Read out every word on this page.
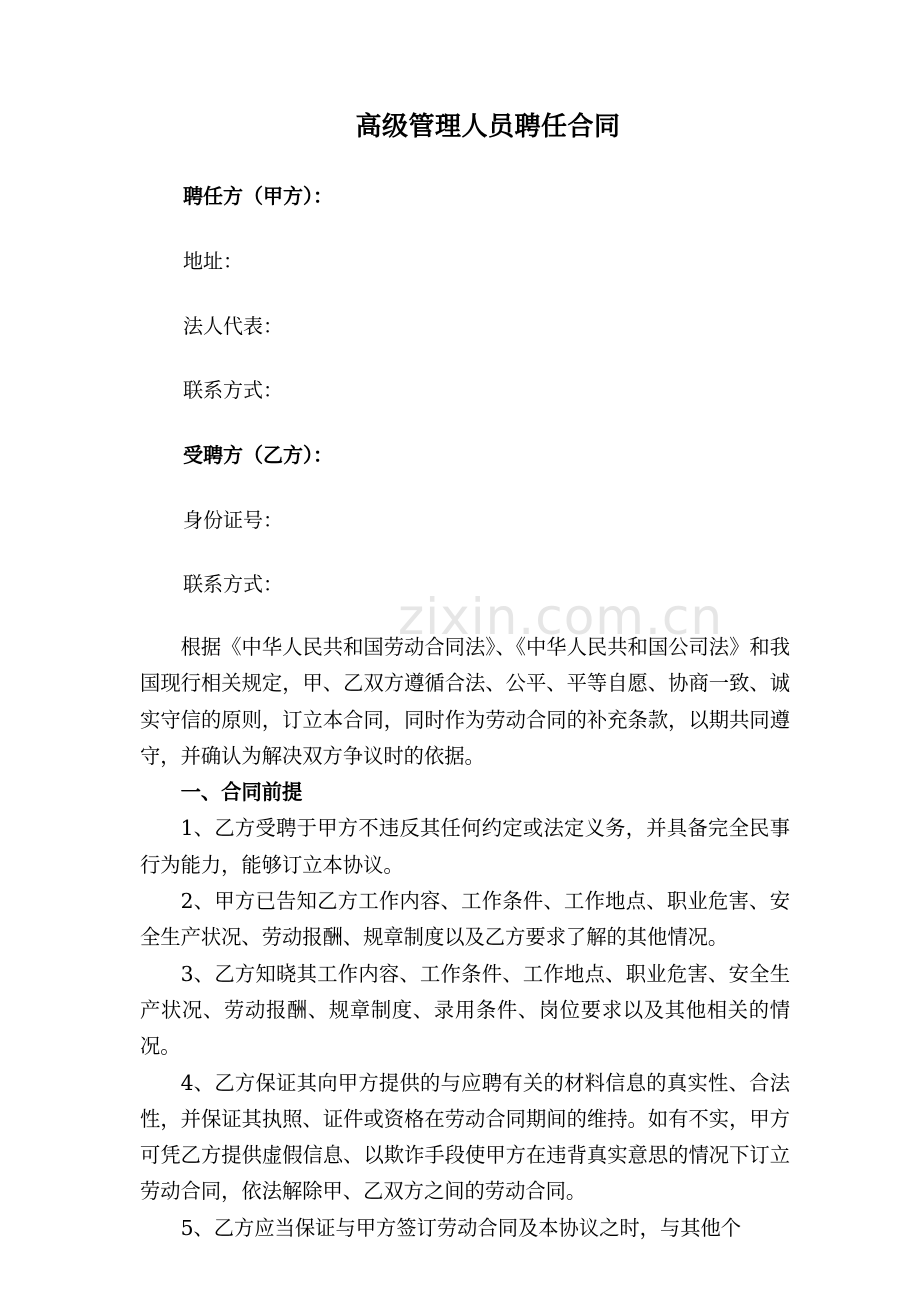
高级管理人员聘任合同
聘任方（甲方）：
地址：
法人代表：
联系方式：
受聘方（乙方）：
身份证号：
联系方式：
zixin.com.cn

根据《中华人民共和国劳动合同法》、《中华人民共和国公司法》和我国现行相关规定，甲、乙双方遵循合法、公平、平等自愿、协商一致、诚实守信的原则，订立本合同，同时作为劳动合同的补充条款，以期共同遵守，并确认为解决双方争议时的依据。

一、合同前提

1、乙方受聘于甲方不违反其任何约定或法定义务，并具备完全民事行为能力，能够订立本协议。

2、甲方已告知乙方工作内容、工作条件、工作地点、职业危害、安全生产状况、劳动报酬、规章制度以及乙方要求了解的其他情况。

3、乙方知晓其工作内容、工作条件、工作地点、职业危害、安全生产状况、劳动报酬、规章制度、录用条件、岗位要求以及其他相关的情况。

4、乙方保证其向甲方提供的与应聘有关的材料信息的真实性、合法性，并保证其执照、证件或资格在劳动合同期间的维持。如有不实，甲方可凭乙方提供虚假信息、以欺诈手段使甲方在违背真实意思的情况下订立劳动合同，依法解除甲、乙双方之间的劳动合同。

5、乙方应当保证与甲方签订劳动合同及本协议之时，与其他个
